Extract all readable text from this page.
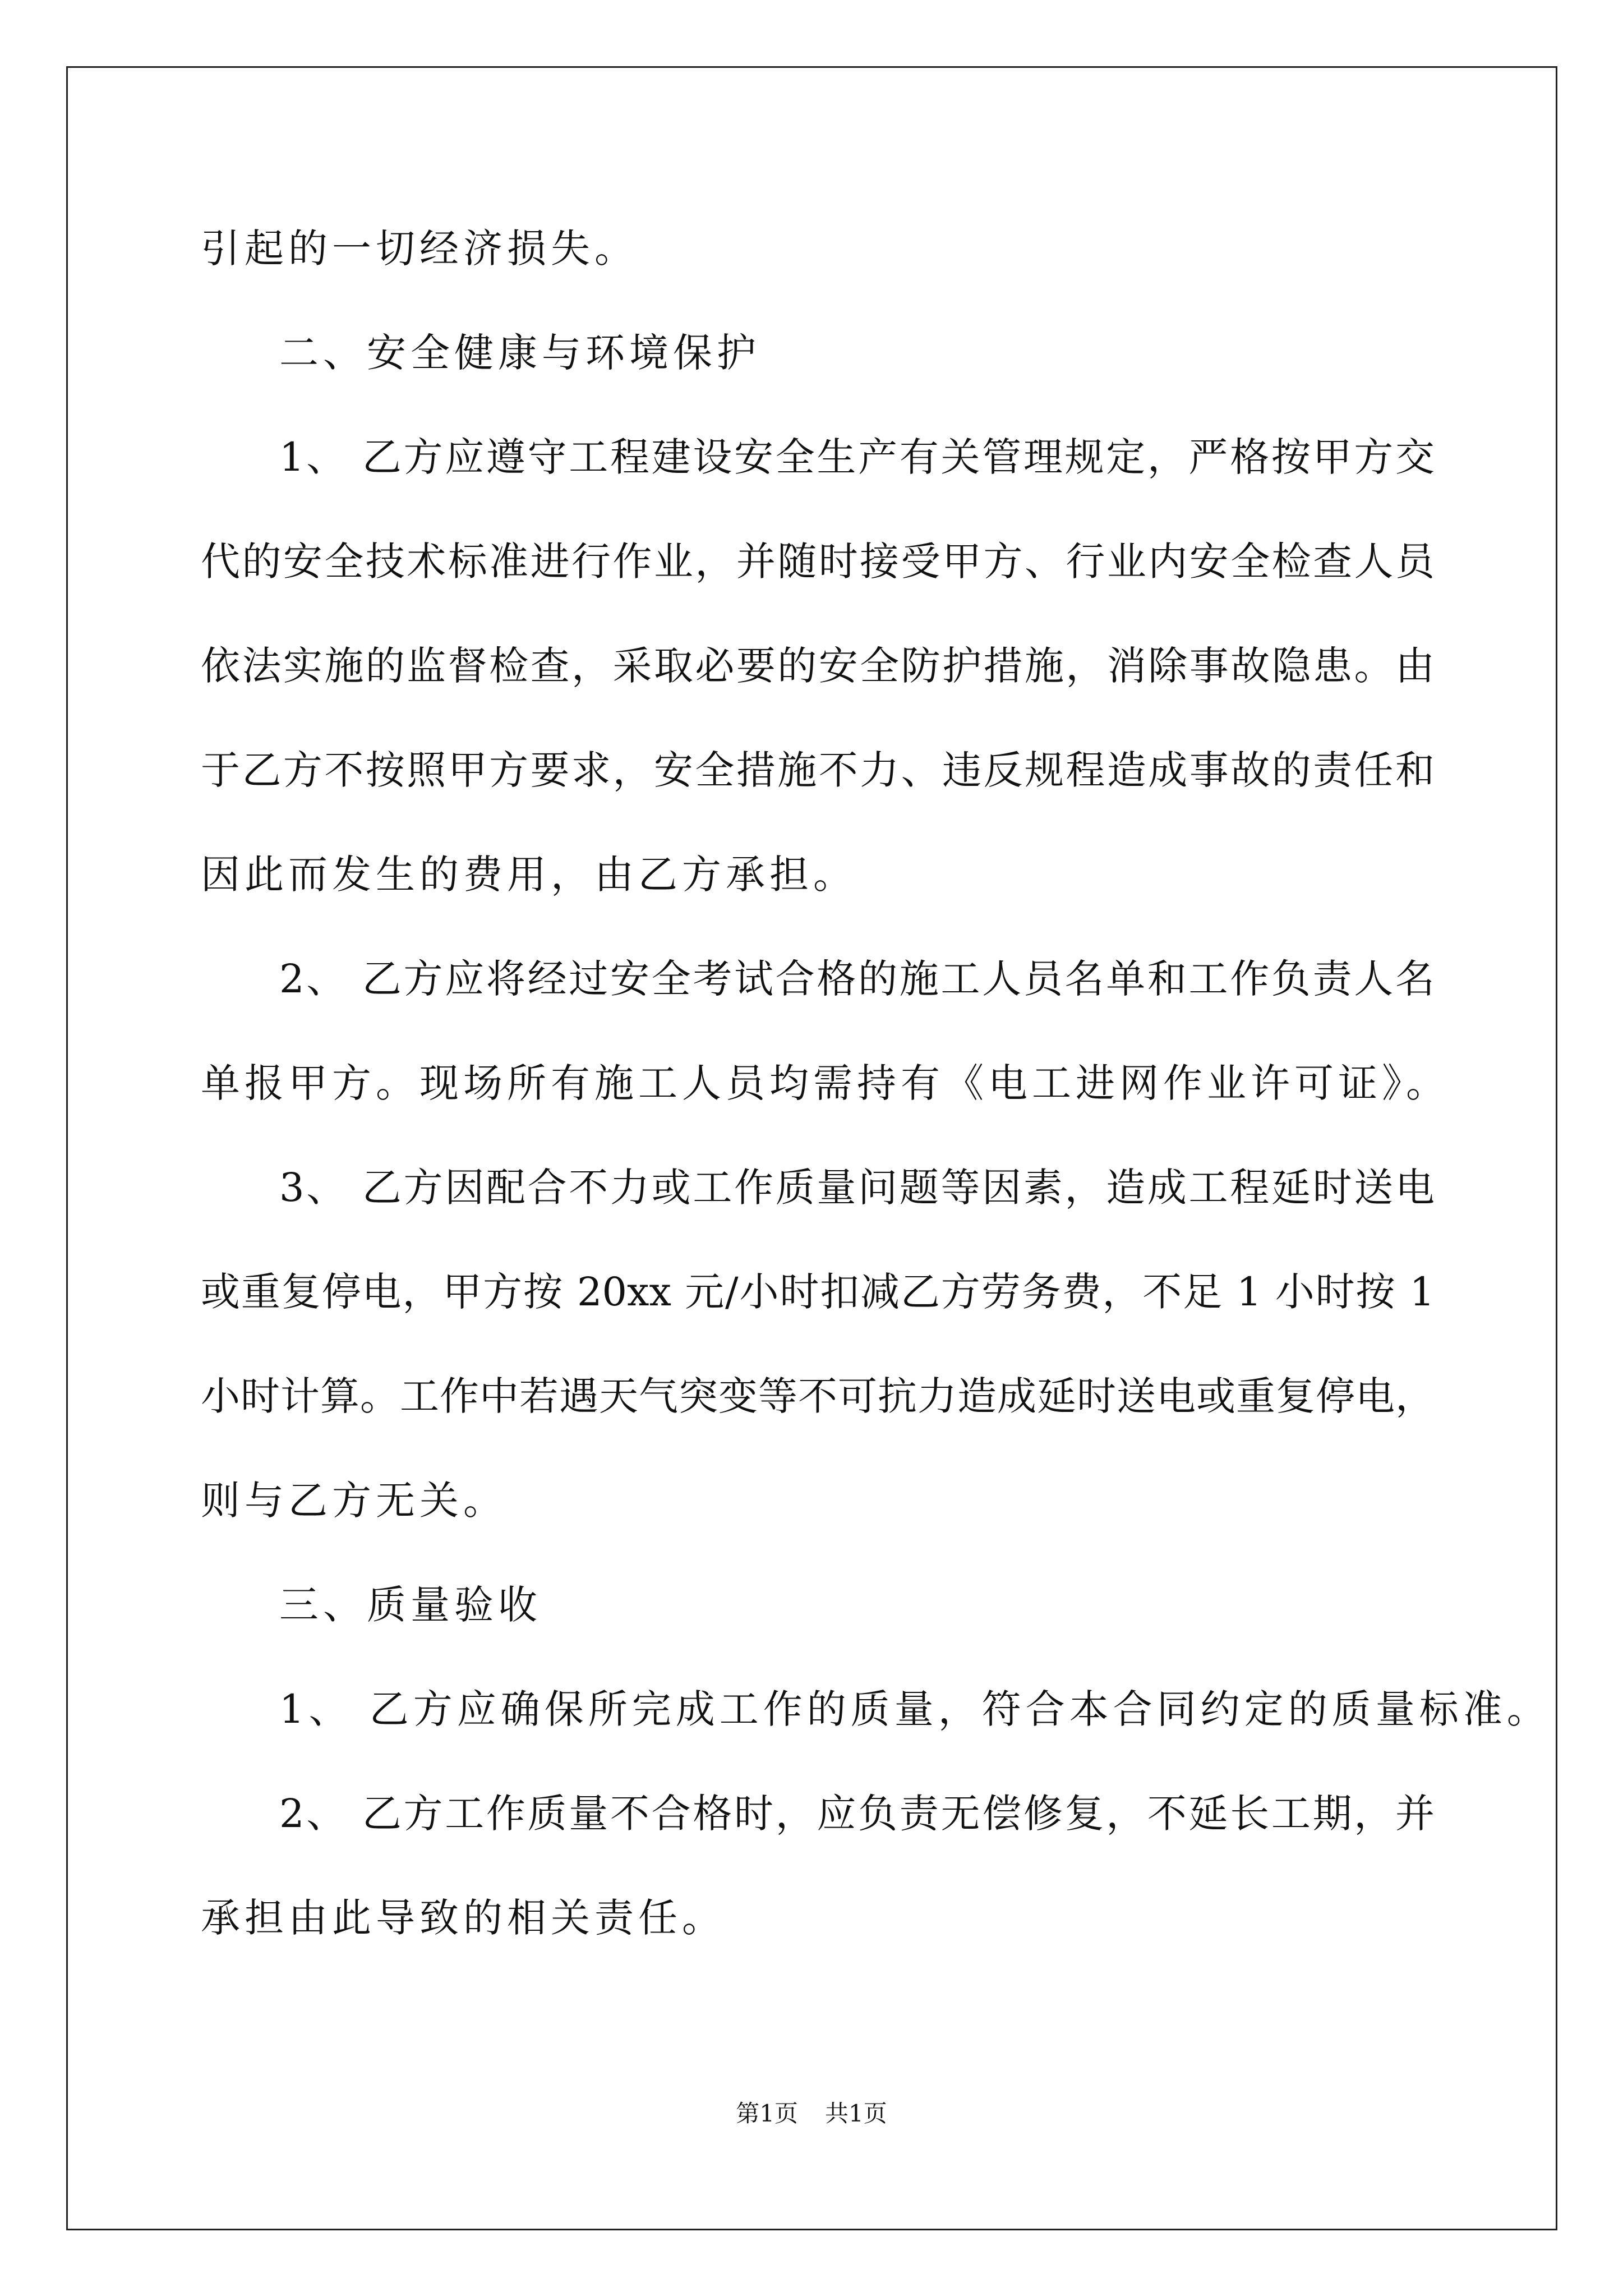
引起的一切经济损失。
二、安全健康与环境保护
1、 乙方应遵守工程建设安全生产有关管理规定，严格按甲方交
代的安全技术标准进行作业，并随时接受甲方、行业内安全检查人员
依法实施的监督检查，采取必要的安全防护措施，消除事故隐患。由
于乙方不按照甲方要求，安全措施不力、违反规程造成事故的责任和
因此而发生的费用，由乙方承担。
2、 乙方应将经过安全考试合格的施工人员名单和工作负责人名
单报甲方。现场所有施工人员均需持有《电工进网作业许可证》。
3、 乙方因配合不力或工作质量问题等因素，造成工程延时送电
或重复停电，甲方按 20xx 元/小时扣减乙方劳务费，不足 1 小时按 1
小时计算。工作中若遇天气突变等不可抗力造成延时送电或重复停电，
则与乙方无关。
三、质量验收
1、 乙方应确保所完成工作的质量，符合本合同约定的质量标准。
2、 乙方工作质量不合格时，应负责无偿修复，不延长工期，并
承担由此导致的相关责任。
第1页 共1页
